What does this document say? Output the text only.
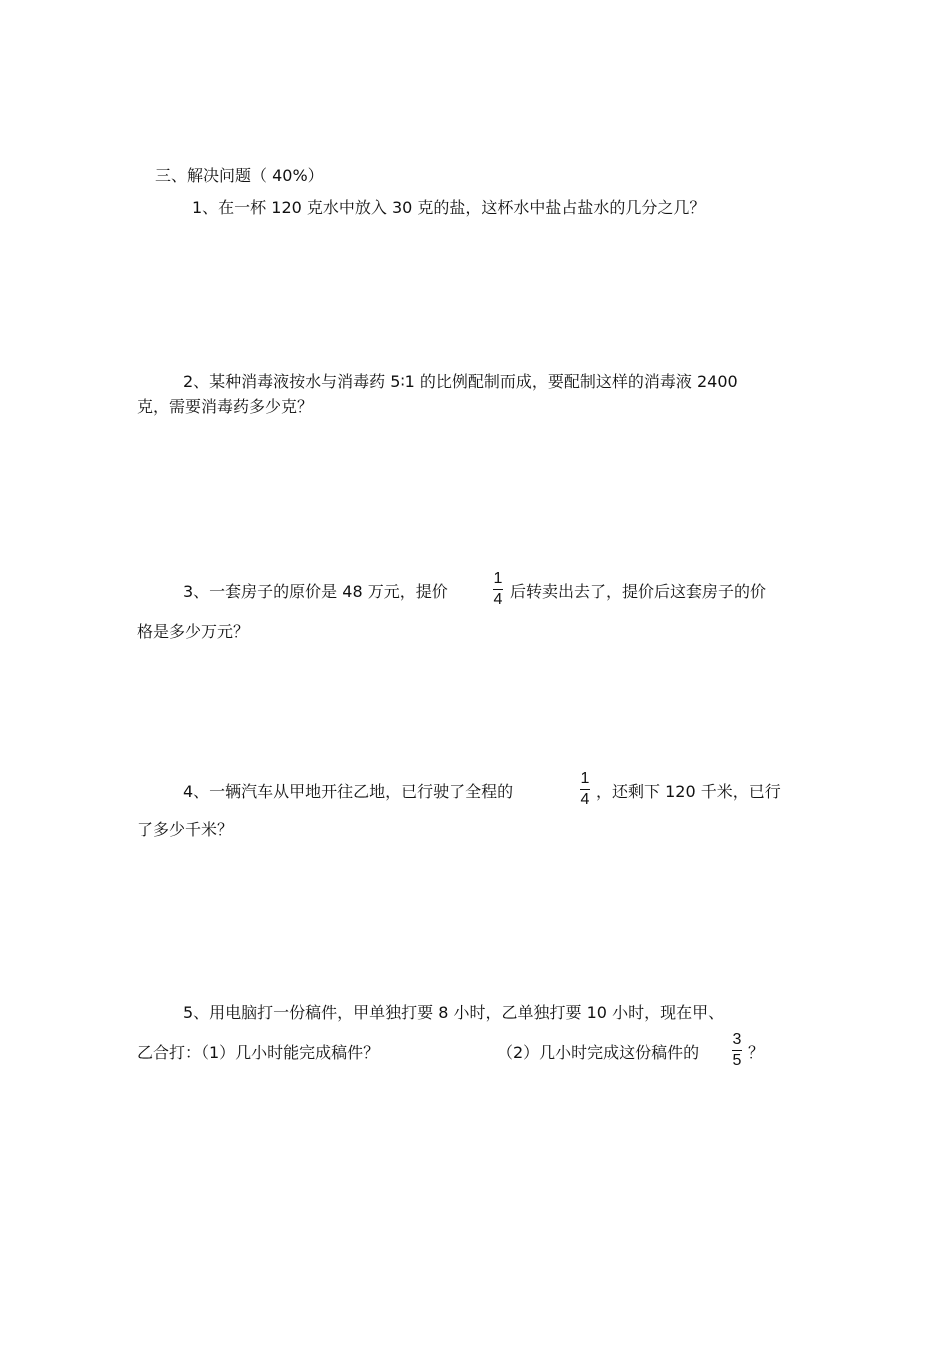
三、解决问题（ 40%）
1、在一杯 120 克水中放入 30 克的盐，这杯水中盐占盐水的几分之几？
2、某种消毒液按水与消毒药 5∶1 的比例配制而成，要配制这样的消毒液 2400
克，需要消毒药多少克？
3、一套房子的原价是 48 万元，提价
1
4 后转卖出去了，提价后这套房子的价
格是多少万元？
4、一辆汽车从甲地开往乙地，已行驶了全程的
1
4 ，还剩下 120 千米，已行
了多少千米？
5、用电脑打一份稿件，甲单独打要 8 小时，乙单独打要 10 小时，现在甲、
乙合打：（1）几小时能完成稿件？	（2）几小时完成这份稿件的
3
5 ？
